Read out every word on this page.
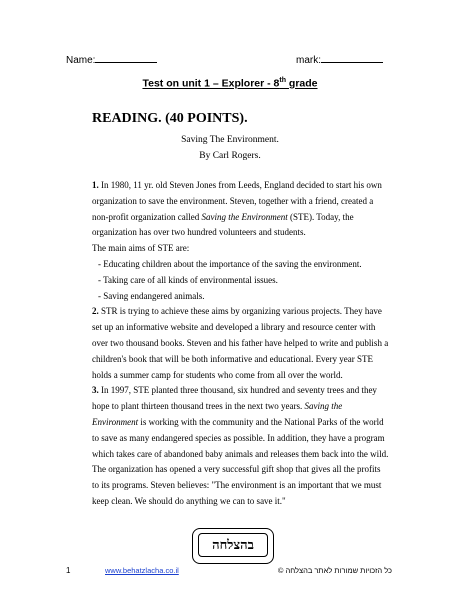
Name:	mark:
Test on unit 1 – Explorer - 8th grade
READING. (40 POINTS).
Saving The Environment.
By Carl Rogers.

1. In 1980, 11 yr. old Steven Jones from Leeds, England decided to start his own
organization to save the environment. Steven, together with a friend, created a
non-profit organization called Saving the Environment (STE). Today, the
organization has over two hundred volunteers and students.

The main aims of STE are:
- Educating children about the importance of the saving the environment.
- Taking care of all kinds of environmental issues.
- Saving endangered animals.

2. STR is trying to achieve these aims by organizing various projects. They have
set up an informative website and developed a library and resource center with
over two thousand books. Steven and his father have helped to write and publish a
children's book that will be both informative and educational. Every year STE
holds a summer camp for students who come from all over the world.

3. In 1997, STE planted three thousand, six hundred and seventy trees and they
hope to plant thirteen thousand trees in the next two years. Saving the
Environment is working with the community and the National Parks of the world
to save as many endangered species as possible. In addition, they have a program
which takes care of abandoned baby animals and releases them back into the wild.
The organization has opened a very successful gift shop that gives all the profits
to its programs. Steven believes: "The environment is an important that we must
keep clean. We should do anything we can to save it."

בהצלחה
1	www.behatzlacha.co.il	כל הזכויות שמורות לאתר בהצלחה ©
